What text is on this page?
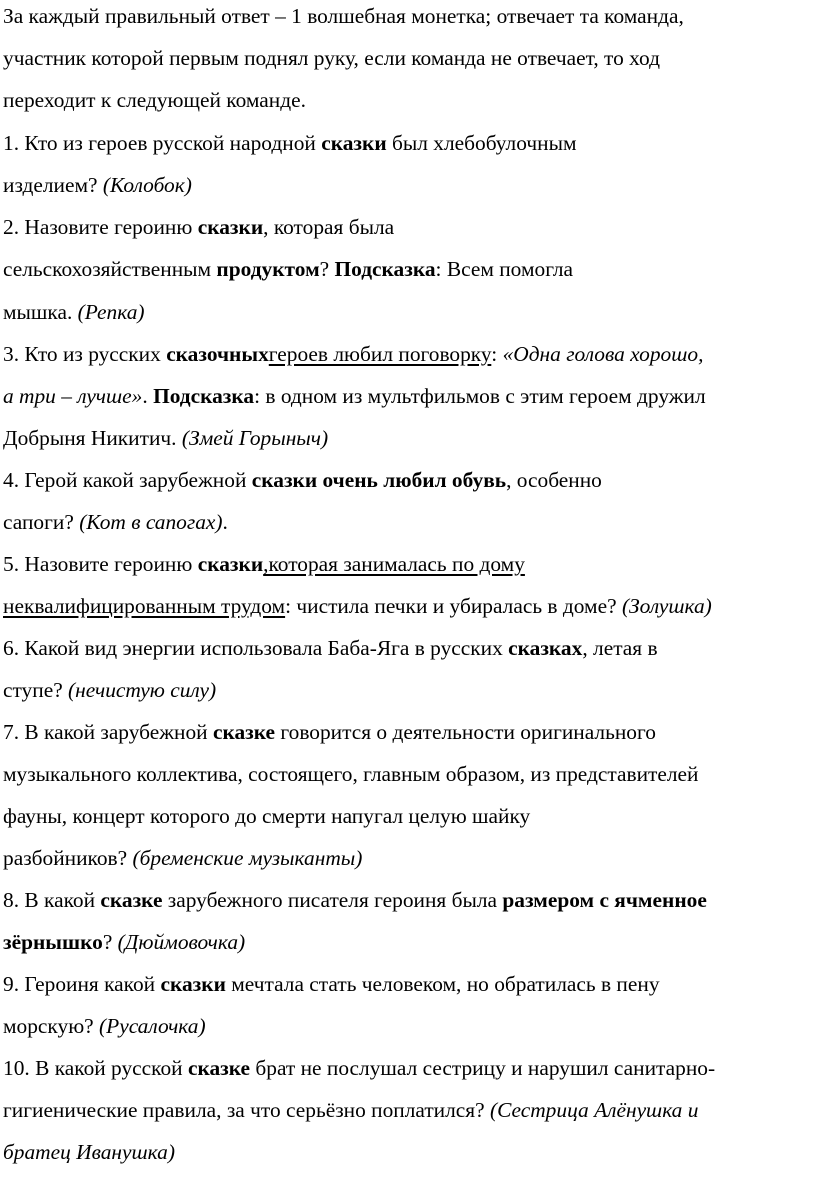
За каждый правильный ответ – 1 волшебная монетка; отвечает та команда,
участник которой первым поднял руку, если команда не отвечает, то ход
переходит к следующей команде.
1. Кто из героев русской народной сказки был хлебобулочным
изделием? (Колобок)
2. Назовите героиню сказки, которая была
сельскохозяйственным продуктом? Подсказка: Всем помогла
мышка. (Репка)
3. Кто из русских сказочныхгероев любил поговорку: «Одна голова хорошо,
а три – лучше». Подсказка: в одном из мультфильмов с этим героем дружил
Добрыня Никитич. (Змей Горыныч)
4. Герой какой зарубежной сказки очень любил обувь, особенно
сапоги? (Кот в сапогах).
5. Назовите героиню сказки,которая занималась по дому
неквалифицированным трудом: чистила печки и убиралась в доме? (Золушка)
6. Какой вид энергии использовала Баба-Яга в русских сказках, летая в
ступе? (нечистую силу)
7. В какой зарубежной сказке говорится о деятельности оригинального
музыкального коллектива, состоящего, главным образом, из представителей
фауны, концерт которого до смерти напугал целую шайку
разбойников? (бременские музыканты)
8. В какой сказке зарубежного писателя героиня была размером с ячменное
зёрнышко? (Дюймовочка)
9. Героиня какой сказки мечтала стать человеком, но обратилась в пену
морскую? (Русалочка)
10. В какой русской сказке брат не послушал сестрицу и нарушил санитарно-
гигиенические правила, за что серьёзно поплатился? (Сестрица Алёнушка и
братец Иванушка)
